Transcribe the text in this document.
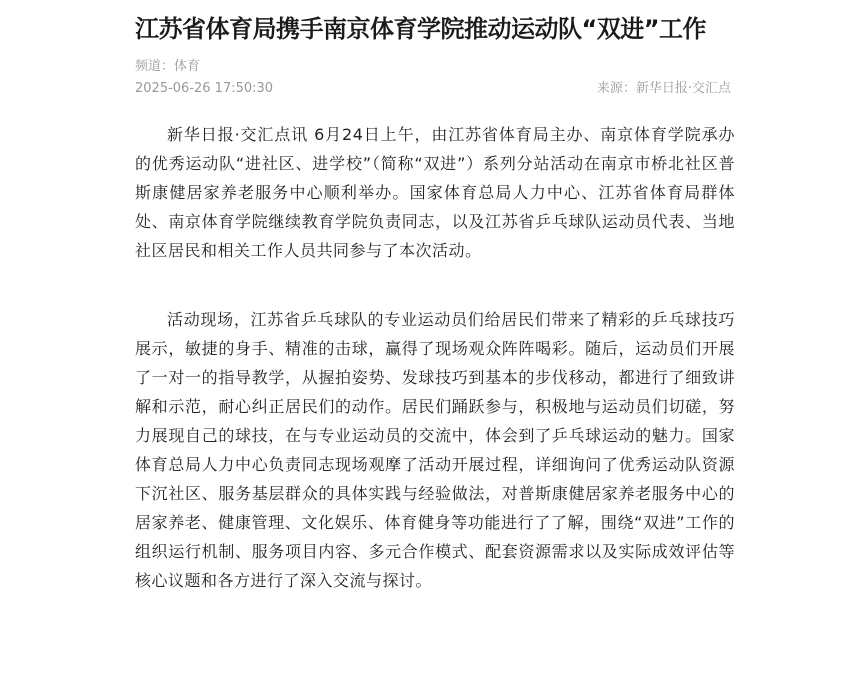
江苏省体育局携手南京体育学院推动运动队“双进”工作
频道：体育
2025-06-26 17:50:30	来源：新华日报·交汇点

新华日报·交汇点讯 6月24日上午，由江苏省体育局主办、南京体育学院承办的优秀运动队“进社区、进学校”（简称“双进”）系列分站活动在南京市桥北社区普斯康健居家养老服务中心顺利举办。国家体育总局人力中心、江苏省体育局群体处、南京体育学院继续教育学院负责同志，以及江苏省乒乓球队运动员代表、当地社区居民和相关工作人员共同参与了本次活动。

活动现场，江苏省乒乓球队的专业运动员们给居民们带来了精彩的乒乓球技巧展示，敏捷的身手、精准的击球，赢得了现场观众阵阵喝彩。随后，运动员们开展了一对一的指导教学，从握拍姿势、发球技巧到基本的步伐移动，都进行了细致讲解和示范，耐心纠正居民们的动作。居民们踊跃参与，积极地与运动员们切磋，努力展现自己的球技，在与专业运动员的交流中，体会到了乒乓球运动的魅力。国家体育总局人力中心负责同志现场观摩了活动开展过程，详细询问了优秀运动队资源下沉社区、服务基层群众的具体实践与经验做法，对普斯康健居家养老服务中心的居家养老、健康管理、文化娱乐、体育健身等功能进行了了解，围绕“双进”工作的组织运行机制、服务项目内容、多元合作模式、配套资源需求以及实际成效评估等核心议题和各方进行了深入交流与探讨。
